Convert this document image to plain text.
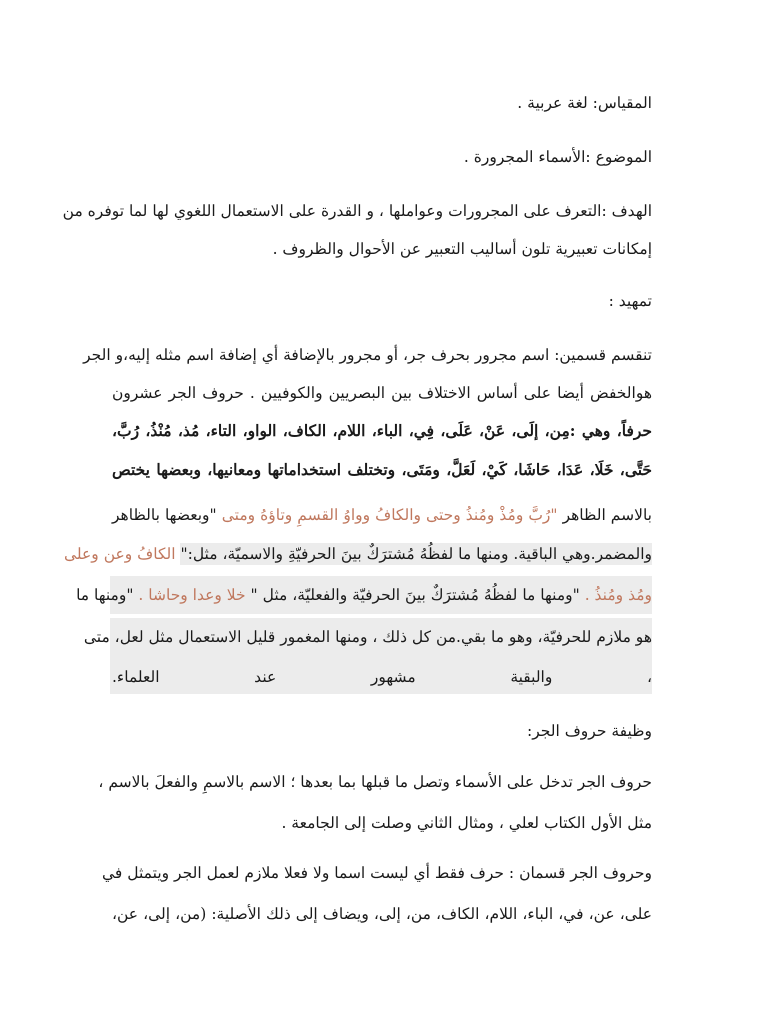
المقياس: لغة عربية .
الموضوع :الأسماء المجرورة .
الهدف :التعرف على المجرورات وعواملها ، و القدرة على الاستعمال اللغوي لها لما توفره من
إمكانات تعبيرية تلون أساليب التعبير عن الأحوال والظروف .
تمهيد :
تنقسم قسمين: اسم مجرور بحرف جر، أو مجرور بالإضافة أي إضافة اسم مثله إليه،و الجر
هوالخفض أيضا على أساس الاختلاف بين البصريين والكوفيين . حروف الجر عشرون
حرفاً، وهي :مِن، إلَى، عَنْ، عَلَى، فِي، الباء، اللام، الكاف، الواو، التاء، مُذ، مُنْذُ، رُبَّ،
حَتَّى، خَلَا، عَدَا، حَاشَا، كَيْ، لَعَلَّ، ومَتَى، وتختلف استخداماتها ومعانيها، وبعضها يختص
بالاسم الظاهر "رُبَّ ومُذْ ومُنذُ وحتى والكافُ وواوُ القسمِ وتاؤهُ ومتى "وبعضها بالظاهر
والمضمر.وهي الباقية. ومنها ما لفظُهُ مُشترَكٌ بينَ الحرفيّةِ والاسميّة، مثل:" الكافُ وعن وعلى
ومُذ ومُنذُ . "ومنها ما لفظُهُ مُشترَكٌ بينَ الحرفيّة والفعليّة، مثل " خلا وعدا وحاشا . "ومنها ما
هو ملازم للحرفيّة، وهو ما بقي.من كل ذلك ، ومنها المغمور قليل الاستعمال مثل لعل، متى
، والبقية مشهور عند العلماء.
وظيفة حروف الجر:
حروف الجر تدخل على الأسماء وتصل ما قبلها بما بعدها ؛ الاسم بالاسمِ والفعلَ بالاسم ،
مثل الأول الكتاب لعلي ، ومثال الثاني وصلت إلى الجامعة .
وحروف الجر قسمان : حرف فقط أي ليست اسما ولا فعلا ملازم لعمل الجر ويتمثل في
على، عن، في، الباء، اللام، الكاف، من، إلى، ويضاف إلى ذلك الأصلية: (من، إلى، عن،
